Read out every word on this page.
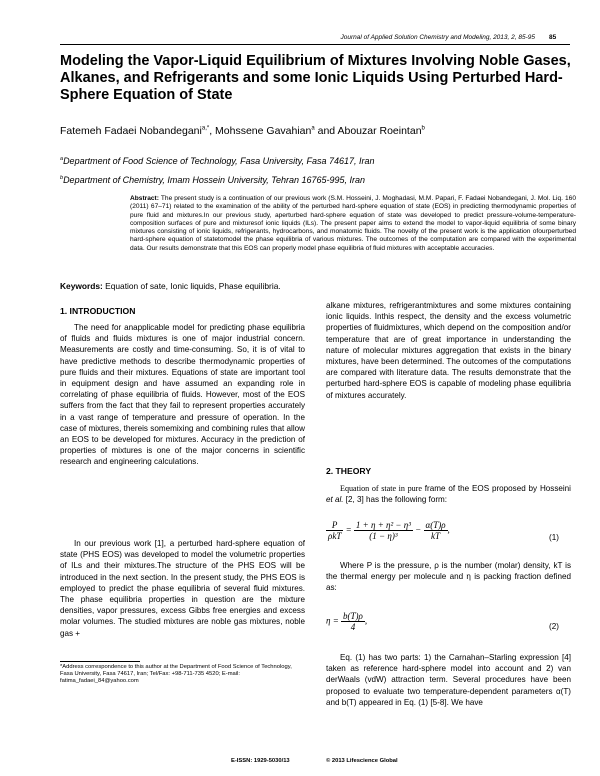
Journal of Applied Solution Chemistry and Modeling, 2013, 2, 85-95 85
Modeling the Vapor-Liquid Equilibrium of Mixtures Involving Noble Gases, Alkanes, and Refrigerants and some Ionic Liquids Using Perturbed Hard-Sphere Equation of State
Fatemeh Fadaei Nobandegani$^{a,*}$, Mohssene Gavahian$^a$ and Abouzar Roeintan$^b$
$^a$Department of Food Science of Technology, Fasa University, Fasa 74617, Iran
$^b$Department of Chemistry, Imam Hossein University, Tehran 16765-995, Iran
Abstract: The present study is a continuation of our previous work (S.M. Hosseini, J. Moghadasi, M.M. Papari, F. Fadaei Nobandegani, J. Mol. Liq. 160 (2011) 67–71) related to the examination of the ability of the perturbed hard-sphere equation of state (EOS) in predicting thermodynamic properties of pure fluid and mixtures.In our previous study, aperturbed hard-sphere equation of state was developed to predict pressure-volume-temperature-composition surfaces of pure and mixturesof ionic liquids (ILs). The present paper aims to extend the model to vapor-liquid equilibria of some binary mixtures consisting of ionic liquids, refrigerants, hydrocarbons, and monatomic fluids. The novelty of the present work is the application ofourperturbed hard-sphere equation of statetomodel the phase equilibria of various mixtures. The outcomes of the computation are compared with the experimental data. Our results demonstrate that this EOS can properly model phase equilibria of fluid mixtures with acceptable accuracies.
Keywords: Equation of sate, Ionic liquids, Phase equilibria.
1. INTRODUCTION

The need for anapplicable model for predicting phase equilibria of fluids and fluids mixtures is one of major industrial concern. Measurements are costly and time-consuming. So, it is of vital to have predictive methods to describe thermodynamic properties of pure fluids and their mixtures. Equations of state are important tool in equipment design and have assumed an expanding role in correlating of phase equilibria of fluids. However, most of the EOS suffers from the fact that they fail to represent properties accurately in a vast range of temperature and pressure of operation. In the case of mixtures, thereis somemixing and combining rules that allow an EOS to be developed for mixtures. Accuracy in the prediction of properties of mixtures is one of the major concerns in scientific research and engineering calculations.

In our previous work [1], a perturbed hard-sphere equation of state (PHS EOS) was developed to model the volumetric properties of ILs and their mixtures.The structure of the PHS EOS will be introduced in the next section. In the present study, the PHS EOS is employed to predict the phase equilibria of several fluid mixtures. The phase equilibria properties in question are the mixture densities, vapor pressures, excess Gibbs free energies and excess molar volumes. The studied mixtures are noble gas mixtures, noble gas +

alkane mixtures, refrigerantmixtures and some mixtures containing ionic liquids. Inthis respect, the density and the excess volumetric properties of fluidmixtures, which depend on the composition and/or temperature that are of great importance in understanding the nature of molecular mixtures aggregation that exists in the binary mixtures, have been determined. The outcomes of the computations are compared with literature data. The results demonstrate that the perturbed hard-sphere EOS is capable of modeling phase equilibria of mixtures accurately.

2. THEORY

Equation of state in pure frame of the EOS proposed by Hosseini et al. [2, 3] has the following form:

$\frac{P}{\text{ρkT}} = \frac{\text{1 + η + η² − η³}}{\text{(1 − η)³}} - \frac{\alpha(T)\rho}{kT}$ ,
(1)

Where P is the pressure, ρ is the number (molar) density, kT is the thermal energy per molecule and η is packing fraction defined as:

$\eta = \frac{b(T)\rho}{4}$ ,
(2)

Eq. (1) has two parts: 1) the Carnahan–Starling expression [4] taken as reference hard-sphere model into account and 2) van derWaals (vdW) attraction term. Several procedures have been proposed to evaluate two temperature-dependent parameters α(T) and b(T) appeared in Eq. (1) [5-8]. We have

*Address correspondence to this author at the Department of Food Science of Technology, Fasa University, Fasa 74617, Iran; Tel/Fax: +98-711-735 4520; E-mail: fatima_fadaei_84@yahoo.com
E-ISSN: 1929-5030/13	© 2013 Lifescience Global
